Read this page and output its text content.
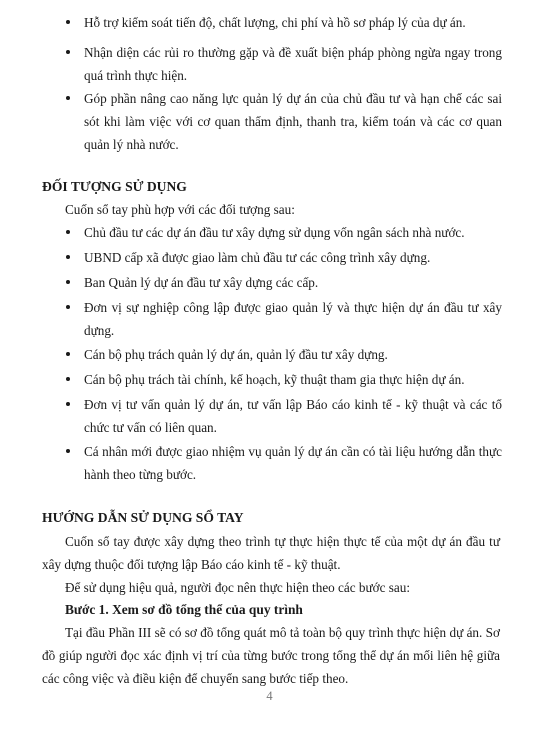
Hỗ trợ kiểm soát tiến độ, chất lượng, chi phí và hồ sơ pháp lý của dự án.
Nhận diện các rủi ro thường gặp và đề xuất biện pháp phòng ngừa ngay trong quá trình thực hiện.
Góp phần nâng cao năng lực quản lý dự án của chủ đầu tư và hạn chế các sai sót khi làm việc với cơ quan thẩm định, thanh tra, kiểm toán và các cơ quan quản lý nhà nước.
ĐỐI TƯỢNG SỬ DỤNG
Cuốn sổ tay phù hợp với các đối tượng sau:
Chủ đầu tư các dự án đầu tư xây dựng sử dụng vốn ngân sách nhà nước.
UBND cấp xã được giao làm chủ đầu tư các công trình xây dựng.
Ban Quản lý dự án đầu tư xây dựng các cấp.
Đơn vị sự nghiệp công lập được giao quản lý và thực hiện dự án đầu tư xây dựng.
Cán bộ phụ trách quản lý dự án, quản lý đầu tư xây dựng.
Cán bộ phụ trách tài chính, kế hoạch, kỹ thuật tham gia thực hiện dự án.
Đơn vị tư vấn quản lý dự án, tư vấn lập Báo cáo kinh tế - kỹ thuật và các tổ chức tư vấn có liên quan.
Cá nhân mới được giao nhiệm vụ quản lý dự án cần có tài liệu hướng dẫn thực hành theo từng bước.
HƯỚNG DẪN SỬ DỤNG SỔ TAY
Cuốn sổ tay được xây dựng theo trình tự thực hiện thực tế của một dự án đầu tư xây dựng thuộc đối tượng lập Báo cáo kinh tế - kỹ thuật.
Để sử dụng hiệu quả, người đọc nên thực hiện theo các bước sau:
Bước 1. Xem sơ đồ tổng thể của quy trình
Tại đầu Phần III sẽ có sơ đồ tổng quát mô tả toàn bộ quy trình thực hiện dự án. Sơ đồ giúp người đọc xác định vị trí của từng bước trong tổng thể dự án mối liên hệ giữa các công việc và điều kiện để chuyển sang bước tiếp theo.
4
